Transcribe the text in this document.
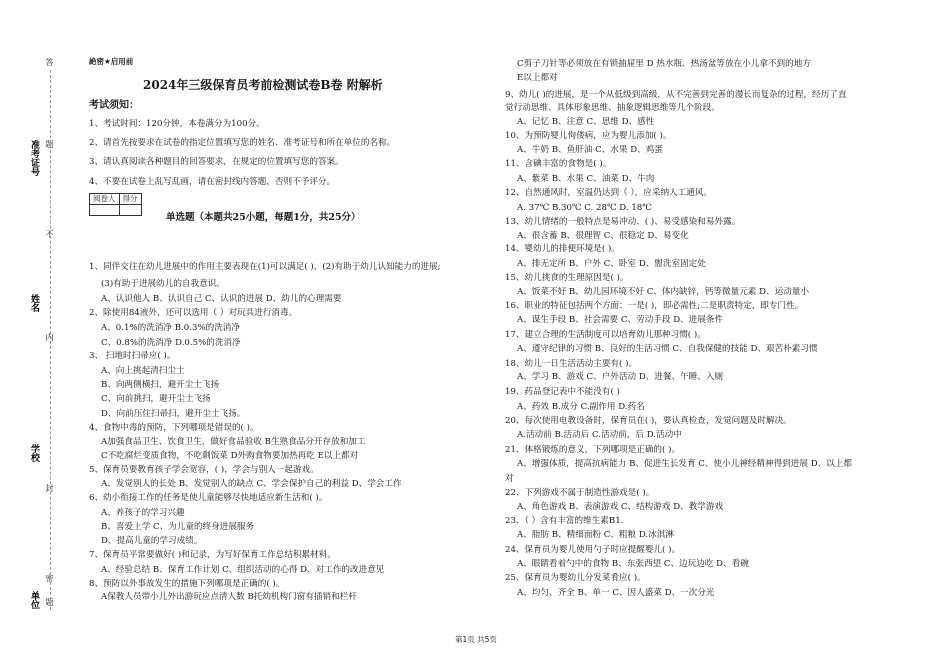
准考证号
姓名
学校
单位
答
题
不
内
封
密
题
絶密★启用前
2024年三级保育员考前检测试卷B卷 附解析
考试须知：
1、考试时间：120分钟，本卷满分为100分。
2、请首先按要求在试卷的指定位置填写您的姓名、准考证号和所在单位的名称。
3、请认真阅读各种题目的回答要求，在规定的位置填写您的答案。
4、不要在试卷上乱写乱画，请在密封线内答题，否则不予评分。
阅卷人	得分

单选题（本题共25小题，每题1分，共25分）
1、同伴交往在幼儿进展中的作用主要表现在(1)可以满足( )，(2)有助于幼儿认知能力的进展;
(3)有助于进展幼儿的自我意识。
A、认识他人 B、认识自己 C、认识的进展 D、幼儿的心理需要
2、除使用84液外，还可以选用（ ）对玩具进行消毒。
A、0.1%的洗消净 B.0.3%的洗消净
C、0.8%的洗消净 D.0.5%的洗消净
3、 扫地时扫帚应( )。
A、向上挑起清扫尘土
B、向两侧横扫，避开尘土飞扬
C、向前挑扫，避开尘土飞扬
D、向前压住扫帚扫，避开尘土飞扬。
4、食物中毒的预防，下列哪项是错误的( )。
A加强食品卫生、饮食卫生，做好食品验收 B生熟食品分开存放和加工
C不吃腐烂变质食物，不吃剩饭菜 D外购食物要加热再吃 E以上都对
5、保育员要教育孩子学会宽容，( )，学会与别人一起游戏。
A、发觉别人的长处 B、发觉别人的缺点 C、学会保护自己的利益 D、学会工作
6、幼小衔接工作的任务是使儿童能够尽快地适应新生活和( )。
A、养孩子的学习兴趣
B、喜爱上学 C、为儿童的终身进展服务
D、提高儿童的学习成绩。
7、保育员平常要做好( )和记录，为写好保育工作总结积累材料。
A、经验总结 B、保育工作计划 C、组织活动的心得 D、对工作的改进意见
8、预防以外事故发生的措施下列哪项是正确的( )。
A保教人员带小儿外出游玩应点清人数 B托幼机构门窗有插销和栏杆
C剪子刀针等必须放在有锁抽屉里 D 热水瓶、热汤盆等放在小儿拿不到的地方
E以上都对
9、幼儿( )的进展，是一个从低级到高级，从不完善到完善的漫长而复杂的过程，经历了直
觉行动思维、具体形象思维、抽象逻辑思维等几个阶段。
A、记忆 B、注意 C、思维 D、感性
10、为预防婴儿佝偻病，应为婴儿添加( )。
A、牛奶 B、鱼肝油 C、水果 D、鸡蛋
11、含碘丰富的食物是( )。
A、紫菜 B、水果 C、油菜 D、牛肉
12、自然通风时，室温仍达到（ ），应采纳人工通风。
A. 37℃ B.30℃ C. 28℃ D. 18℃
13、幼儿情绪的一般特点是易冲动、( )、易受感染和易外露。
A、很含蓄 B、很理智 C、很稳定 D、易变化
14、婴幼儿的排便环境是( )。
A、排无定所 B、户外 C、卧室 D、盥洗室固定处
15、幼儿挑食的生理原因是( )。
A、饭菜不好 B、幼儿园环境不好 C、体内缺锌，钙等微量元素 D、运动量小
16、职业的特征包括两个方面：一是( )，即必需性;二是职责特定，即专门性。
A、谋生手段 B、社会需要 C、劳动手段 D、进展条件
17、建立合理的生活制度可以培育幼儿那种习惯( )。
A、遵守纪律的习惯 B、良好的生活习惯 C、自我保健的技能 D、艰苦朴素习惯
18、幼儿一日生活活动主要有( )。
A、学习 B、游戏 C、户外活动 D、进餐、午睡、入厕
19、药品登记表中不能没有( )
A、药效 B.成分 C.副作用 D.药名
20、每次使用电教设备时，保育员在( )，要认真检查，发觉问题及时解决。
A.活动前 B.活动后 C.活动前，后 D.活动中
21、体格锻炼的意义，下列哪项是正确的( )。
A、增强体质，提高抗病能力 B、促进生长发育 C、使小儿神经精神得到进展 D、以上都
对
22、下列游戏不属于制造性游戏是( )。
A、角色游戏 B、表演游戏 C、结构游戏 D、教学游戏
23、（ ）含有丰富的维生素B1.
A、脂肪 B、精细面粉 C、粗粮 D.冰淇淋
24、保育员为婴儿使用勺子时应提醒婴儿( )。
A、眼睛看着勺中的食物 B、东张西望 C、边玩边吃 D、看碗
25、保育员为婴幼儿分发菜肴应( )。
A、均匀、齐全 B、单一 C、因人盛菜 D、一次分光
第1页 共5页
